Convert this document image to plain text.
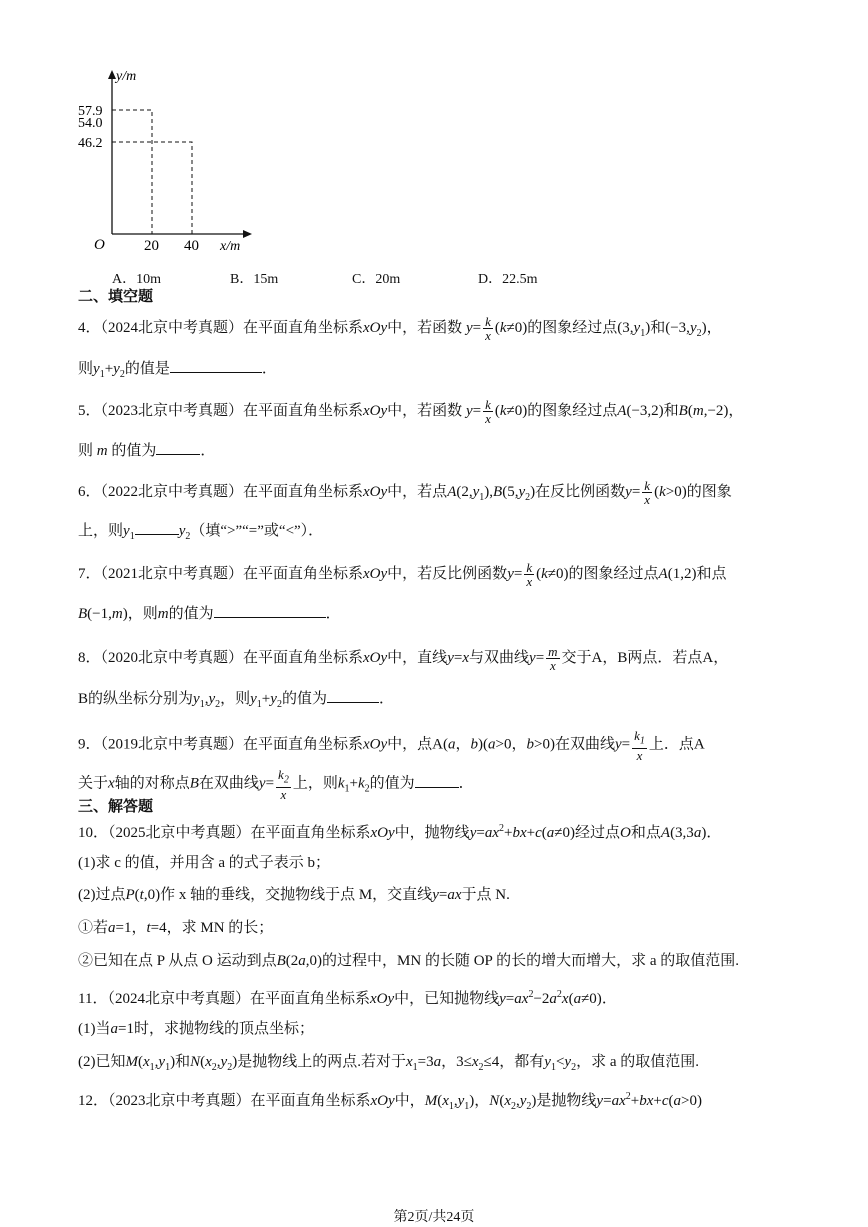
y/m
x/m
O
57.9
54.0
46.2
20 40
A．10m	B．15m	C．20m	D．22.5m
二、填空题
4．（2024北京中考真题）在平面直角坐标系xOy中，若函数 $y= \frac{k}{x} (k\ne 0)$的图象经过点$(3,y_1)$和$(-3,y_2)$，
则$y_1+y_2$的值是	．
5．（2023北京中考真题）在平面直角坐标系xOy中，若函数 $y= \frac{k}{x} (k\ne 0)$的图象经过点A(−3,2)和B(m,−2)，
则 m 的值为	．
6．（2022北京中考真题）在平面直角坐标系xOy中，若点$A(2,y_1),B(5,y_2)$在反比例函数$y= \frac{k}{x} (k>0)$的图象
上，则$y_1$	$y_2$（填“>”“=”或“<”）．
7．（2021北京中考真题）在平面直角坐标系xOy中，若反比例函数$y= \frac{k}{x} (k\ne 0)$的图象经过点A(1,2)和点
B(−1,m)，则m的值为	．
8．（2020北京中考真题）在平面直角坐标系xOy中，直线y=x与双曲线$y= \frac{m}{x}$ 交于A，B两点．若点A，
B的纵坐标分别为$y_1,y_2$，则$y_1+y_2$的值为	．
9．（2019北京中考真题）在平面直角坐标系xOy中，点A(a，b)(a>0，b>0)在双曲线$y= \frac{k_1}{x}$ 上．点A
关于x轴的对称点B在双曲线$y= \frac{k_2}{x}$ 上，则$k_1+k_2$的值为	．
三、解答题
10．（2025北京中考真题）在平面直角坐标系xOy中，抛物线$y=ax^2+bx+c(a\ne 0)$经过点O和点A(3,3a)．
(1)求 c 的值，并用含 a 的式子表示 b；
(2)过点P(t,0)作 x 轴的垂线，交抛物线于点 M，交直线y=ax于点 N.
①若a=1，t=4，求 MN 的长；
②已知在点 P 从点 O 运动到点B(2a,0)的过程中，MN 的长随 OP 的长的增大而增大，求 a 的取值范围.
11．（2024北京中考真题）在平面直角坐标系xOy中，已知抛物线$y=ax^2-2a^2x(a\ne 0)$．
(1)当a=1时，求抛物线的顶点坐标；
(2)已知$M(x_1,y_1)$和$N(x_2,y_2)$是抛物线上的两点.若对于$x_1=3a$，$3\le x_2\le 4$，都有$y_1<y_2$，求 a 的取值范围.
12．（2023北京中考真题）在平面直角坐标系xOy中，$M(x_1,y_1)$，$N(x_2,y_2)$是抛物线$y=ax^2+bx+c(a>0)$
第2页/共24页
